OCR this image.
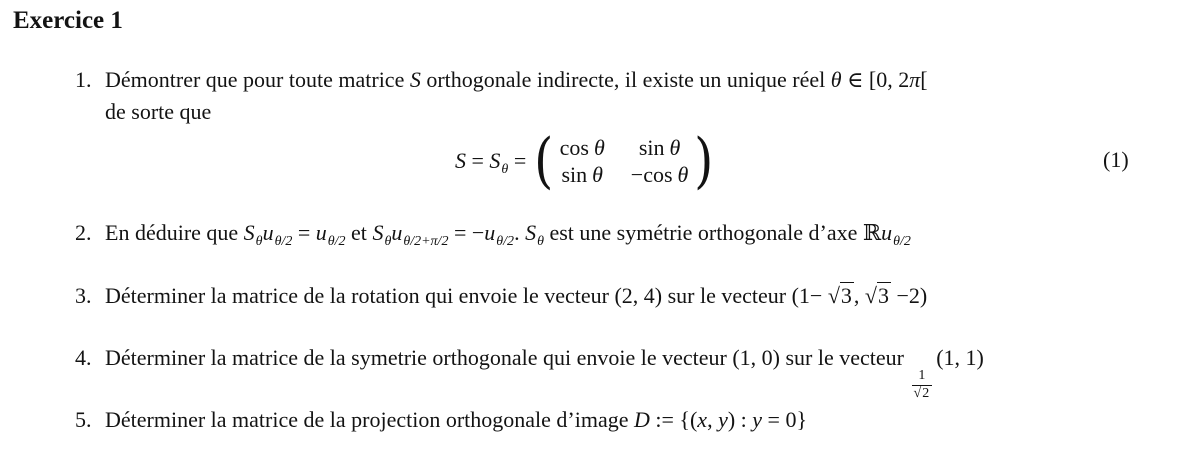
Exercice 1
1. Démontrer que pour toute matrice S orthogonale indirecte, il existe un unique réel θ ∈ [0, 2π[
de sorte que
$S = S_\theta$ = ( cos θ sin θ
sin θ −cos θ )	(1)
2. En déduire que $S_\theta u_{\theta/2} = u_{\theta/2}$ et $S_\theta u_{\theta/2+\pi/2} = -u_{\theta/2}$. $S_\theta$ est une symétrie orthogonale d’axe ℝu$_{\theta/2}$
3. Déterminer la matrice de la rotation qui envoie le vecteur (2, 4) sur le vecteur (1− √3, √3 −2)
4. Déterminer la matrice de la symetrie orthogonale qui envoie le vecteur (1, 0) sur le vecteur
$\frac{1}{√2}$
(1, 1)
5. Déterminer la matrice de la projection orthogonale d’image D := {(x, y) : y = 0}
